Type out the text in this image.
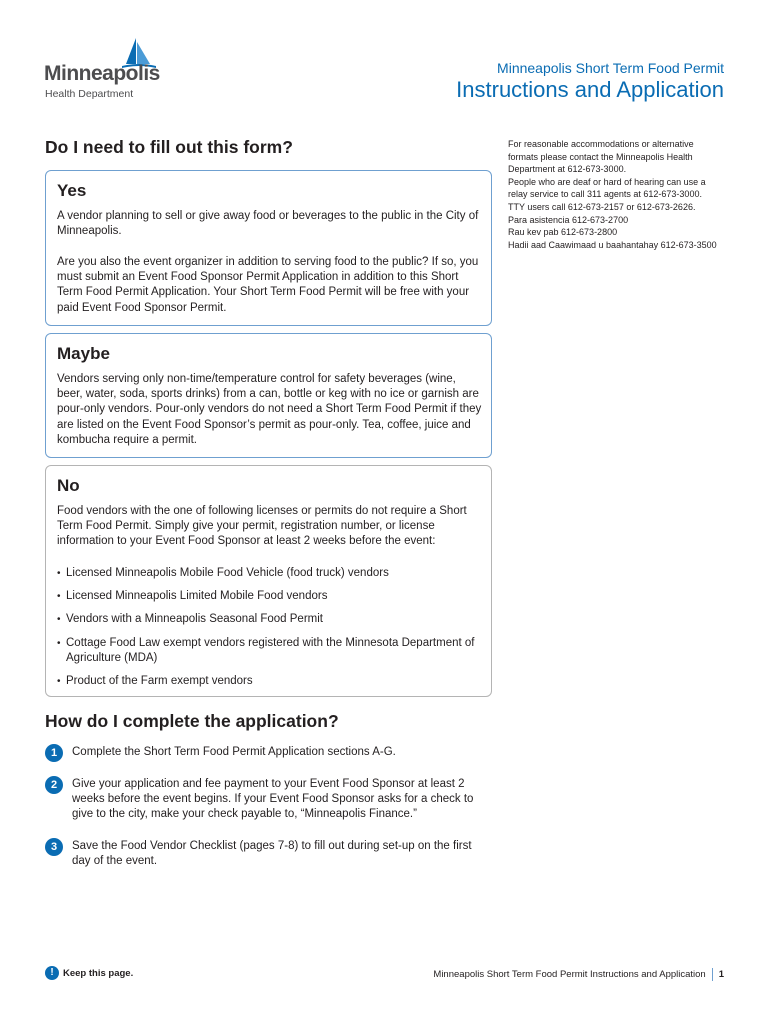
Minneapolis
Health Department
Minneapolis Short Term Food Permit
Instructions and Application
For reasonable accommodations or alternative
formats please contact the Minneapolis Health
Department at 612-673-3000.
People who are deaf or hard of hearing can use a
relay service to call 311 agents at 612-673-3000.
TTY users call 612-673-2157 or 612-673-2626.
Para asistencia 612-673-2700
Rau kev pab 612-673-2800
Hadii aad Caawimaad u baahantahay 612-673-3500
Do I need to fill out this form?
Yes
A vendor planning to sell or give away food or beverages to the public in the City of Minneapolis.
Are you also the event organizer in addition to serving food to the public? If so, you must submit an Event Food Sponsor Permit Application in addition to this Short Term Food Permit Application. Your Short Term Food Permit will be free with your paid Event Food Sponsor Permit.
Maybe
Vendors serving only non-time/temperature control for safety beverages (wine, beer, water, soda, sports drinks) from a can, bottle or keg with no ice or garnish are pour-only vendors. Pour-only vendors do not need a Short Term Food Permit if they are listed on the Event Food Sponsor’s permit as pour-only. Tea, coffee, juice and kombucha require a permit.
No
Food vendors with the one of following licenses or permits do not require a Short Term Food Permit. Simply give your permit, registration number, or license information to your Event Food Sponsor at least 2 weeks before the event:
• Licensed Minneapolis Mobile Food Vehicle (food truck) vendors
• Licensed Minneapolis Limited Mobile Food vendors
• Vendors with a Minneapolis Seasonal Food Permit
• Cottage Food Law exempt vendors registered with the Minnesota Department of Agriculture (MDA)
• Product of the Farm exempt vendors
How do I complete the application?
1	Complete the Short Term Food Permit Application sections A-G.
2	Give your application and fee payment to your Event Food Sponsor at least 2 weeks before the event begins. If your Event Food Sponsor asks for a check to give to the city, make your check payable to, “Minneapolis Finance.”
3	Save the Food Vendor Checklist (pages 7-8) to fill out during set-up on the first day of the event.
! Keep this page.	Minneapolis Short Term Food Permit Instructions and Application 1
